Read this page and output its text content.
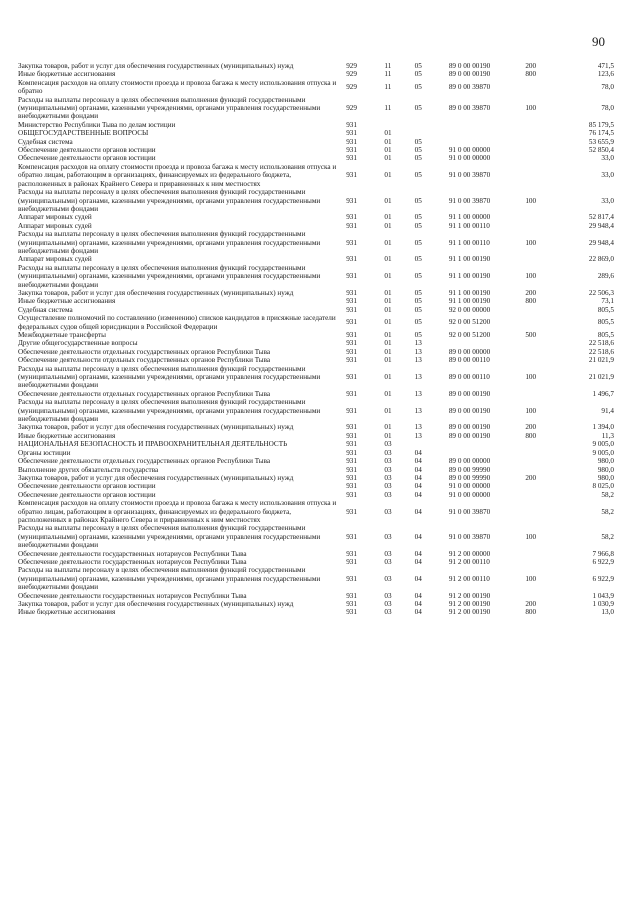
90
Закупка товаров, работ и услуг для обеспечения государственных (муниципальных) нужд	929	11	05	89 0 00 00190	200	471,5
Иные бюджетные ассигнования	929	11	05	89 0 00 00190	800	123,6
Компенсация расходов на оплату стоимости проезда и провоза багажа к месту использования отпуска и обратно	929	11	05	89 0 00 39870		78,0
Расходы на выплаты персоналу в целях обеспечения выполнения функций государственными (муниципальными) органами, казенными учреждениями, органами управления государственными внебюджетными фондами	929	11	05	89 0 00 39870	100	78,0
Министерство Республики Тыва по делам юстиции	931					85 179,5
ОБЩЕГОСУДАРСТВЕННЫЕ ВОПРОСЫ	931	01				76 174,5
Судебная система	931	01	05			53 655,9
Обеспечение деятельности органов юстиции	931	01	05	91 0 00 00000		52 850,4
Обеспечение деятельности органов юстиции	931	01	05	91 0 00 00000		33,0
Компенсация расходов на оплату стоимости проезда и провоза багажа к месту использования отпуска и обратно лицам, работающим в организациях, финансируемых из федерального бюджета, расположенных в районах Крайнего Севера и приравненных к ним местностях	931	01	05	91 0 00 39870		33,0
Расходы на выплаты персоналу в целях обеспечения выполнения функций государственными (муниципальными) органами, казенными учреждениями, органами управления государственными внебюджетными фондами	931	01	05	91 0 00 39870	100	33,0
Аппарат мировых судей	931	01	05	91 1 00 00000		52 817,4
Аппарат мировых судей	931	01	05	91 1 00 00110		29 948,4
Расходы на выплаты персоналу в целях обеспечения выполнения функций государственными (муниципальными) органами, казенными учреждениями, органами управления государственными внебюджетными фондами	931	01	05	91 1 00 00110	100	29 948,4
Аппарат мировых судей	931	01	05	91 1 00 00190		22 869,0
Расходы на выплаты персоналу в целях обеспечения выполнения функций государственными (муниципальными) органами, казенными учреждениями, органами управления государственными внебюджетными фондами	931	01	05	91 1 00 00190	100	289,6
Закупка товаров, работ и услуг для обеспечения государственных (муниципальных) нужд	931	01	05	91 1 00 00190	200	22 506,3
Иные бюджетные ассигнования	931	01	05	91 1 00 00190	800	73,1
Судебная система	931	01	05	92 0 00 00000		805,5
Осуществление полномочий по составлению (изменению) списков кандидатов в присяжные заседатели федеральных судов общей юрисдикции в Российской Федерации	931	01	05	92 0 00 51200		805,5
Межбюджетные трансферты	931	01	05	92 0 00 51200	500	805,5
Другие общегосударственные вопросы	931	01	13			22 518,6
Обеспечение деятельности отдельных государственных органов Республики Тыва	931	01	13	89 0 00 00000		22 518,6
Обеспечение деятельности отдельных государственных органов Республики Тыва	931	01	13	89 0 00 00110		21 021,9
Расходы на выплаты персоналу в целях обеспечения выполнения функций государственными (муниципальными) органами, казенными учреждениями, органами управления государственными внебюджетными фондами	931	01	13	89 0 00 00110	100	21 021,9
Обеспечение деятельности отдельных государственных органов Республики Тыва	931	01	13	89 0 00 00190		1 496,7
Расходы на выплаты персоналу в целях обеспечения выполнения функций государственными (муниципальными) органами, казенными учреждениями, органами управления государственными внебюджетными фондами	931	01	13	89 0 00 00190	100	91,4
Закупка товаров, работ и услуг для обеспечения государственных (муниципальных) нужд	931	01	13	89 0 00 00190	200	1 394,0
Иные бюджетные ассигнования	931	01	13	89 0 00 00190	800	11,3
НАЦИОНАЛЬНАЯ БЕЗОПАСНОСТЬ И ПРАВООХРАНИТЕЛЬНАЯ ДЕЯТЕЛЬНОСТЬ	931	03				9 005,0
Органы юстиции	931	03	04			9 005,0
Обеспечение деятельности отдельных государственных органов Республики Тыва	931	03	04	89 0 00 00000		980,0
Выполнение других обязательств государства	931	03	04	89 0 00 99990		980,0
Закупка товаров, работ и услуг для обеспечения государственных (муниципальных) нужд	931	03	04	89 0 00 99990	200	980,0
Обеспечение деятельности органов юстиции	931	03	04	91 0 00 00000		8 025,0
Обеспечение деятельности органов юстиции	931	03	04	91 0 00 00000		58,2
Компенсация расходов на оплату стоимости проезда и провоза багажа к месту использования отпуска и обратно лицам, работающим в организациях, финансируемых из федерального бюджета, расположенных в районах Крайнего Севера и приравненных к ним местностях	931	03	04	91 0 00 39870		58,2
Расходы на выплаты персоналу в целях обеспечения выполнения функций государственными (муниципальными) органами, казенными учреждениями, органами управления государственными внебюджетными фондами	931	03	04	91 0 00 39870	100	58,2
Обеспечение деятельности государственных нотариусов Республики Тыва	931	03	04	91 2 00 00000		7 966,8
Обеспечение деятельности государственных нотариусов Республики Тыва	931	03	04	91 2 00 00110		6 922,9
Расходы на выплаты персоналу в целях обеспечения выполнения функций государственными (муниципальными) органами, казенными учреждениями, органами управления государственными внебюджетными фондами	931	03	04	91 2 00 00110	100	6 922,9
Обеспечение деятельности государственных нотариусов Республики Тыва	931	03	04	91 2 00 00190		1 043,9
Закупка товаров, работ и услуг для обеспечения государственных (муниципальных) нужд	931	03	04	91 2 00 00190	200	1 030,9
Иные бюджетные ассигнования	931	03	04	91 2 00 00190	800	13,0
